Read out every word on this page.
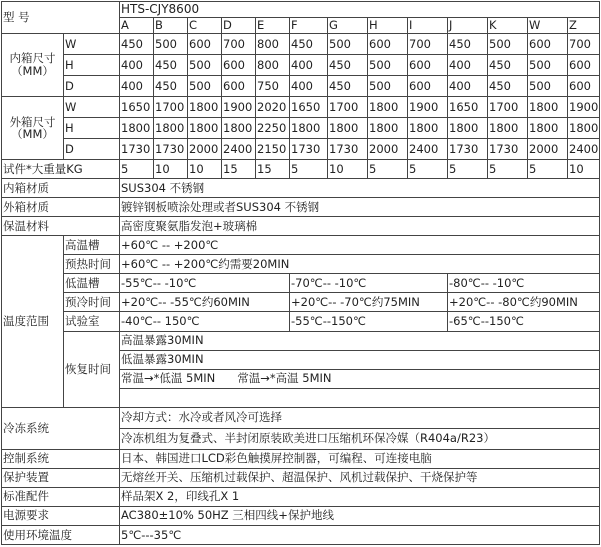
型 号		HTS-CJY8600												
		A	B	C	D	E	F	G	H	I	J	K	W	Z
内箱尺寸
（MM）	W	450	500	600	700	800	450	500	600	700	450	500	600	700
	H	400	450	500	600	800	400	450	500	600	400	450	500	600
	D	400	450	500	600	750	400	450	500	600	400	450	500	600
外箱尺寸
（MM）	W	1650	1700	1800	1900	2020	1650	1700	1800	1900	1650	1700	1800	1900
	H	1800	1800	1800	1800	2250	1800	1800	1800	1800	1800	1800	1800	1800
	D	1730	1730	2000	2400	2150	1730	1730	2000	2400	1730	1730	2000	2400
试件*大重量KG		5	10	10	15	15	5	10	5	5	5	5	5	10
内箱材质		SUS304 不锈钢												
外箱材质		镀锌钢板喷涂处理或者SUS304 不锈钢												
保温材料		高密度聚氨脂发泡+玻璃棉												
温度范围	高温槽	+60℃ -- +200℃												
	预热时间	+60℃ -- +200℃约需要20MIN												
	低温槽	-55℃-- -10℃					-70℃-- -10℃				-80℃-- -10℃			
	预冷时间	+20℃-- -55℃约60MIN					+20℃-- -70℃约75MIN				+20℃-- -80℃约90MIN			
	试验室	-40℃-- 150℃					-55℃--150℃				-65℃--150℃			
	恢复时间	高温暴露30MIN												
		低温暴露30MIN												
		常温→*低温 5MIN      常温→*高温 5MIN												

冷冻系统		冷却方式：水冷或者风冷可选择												
		冷冻机组为复叠式、半封闭原装欧美进口压缩机环保冷媒（R404a/R23）												
控制系统		日本、韩国进口LCD彩色触摸屏控制器，可编程、可连接电脑												
保护装置		无熔丝开关、压缩机过载保护、超温保护、风机过载保护、干烧保护等												
标准配件		样品架X 2，印线孔X 1												
电源要求		AC380±10% 50HZ 三相四线+保护地线												
使用环境温度		5℃---35℃												
